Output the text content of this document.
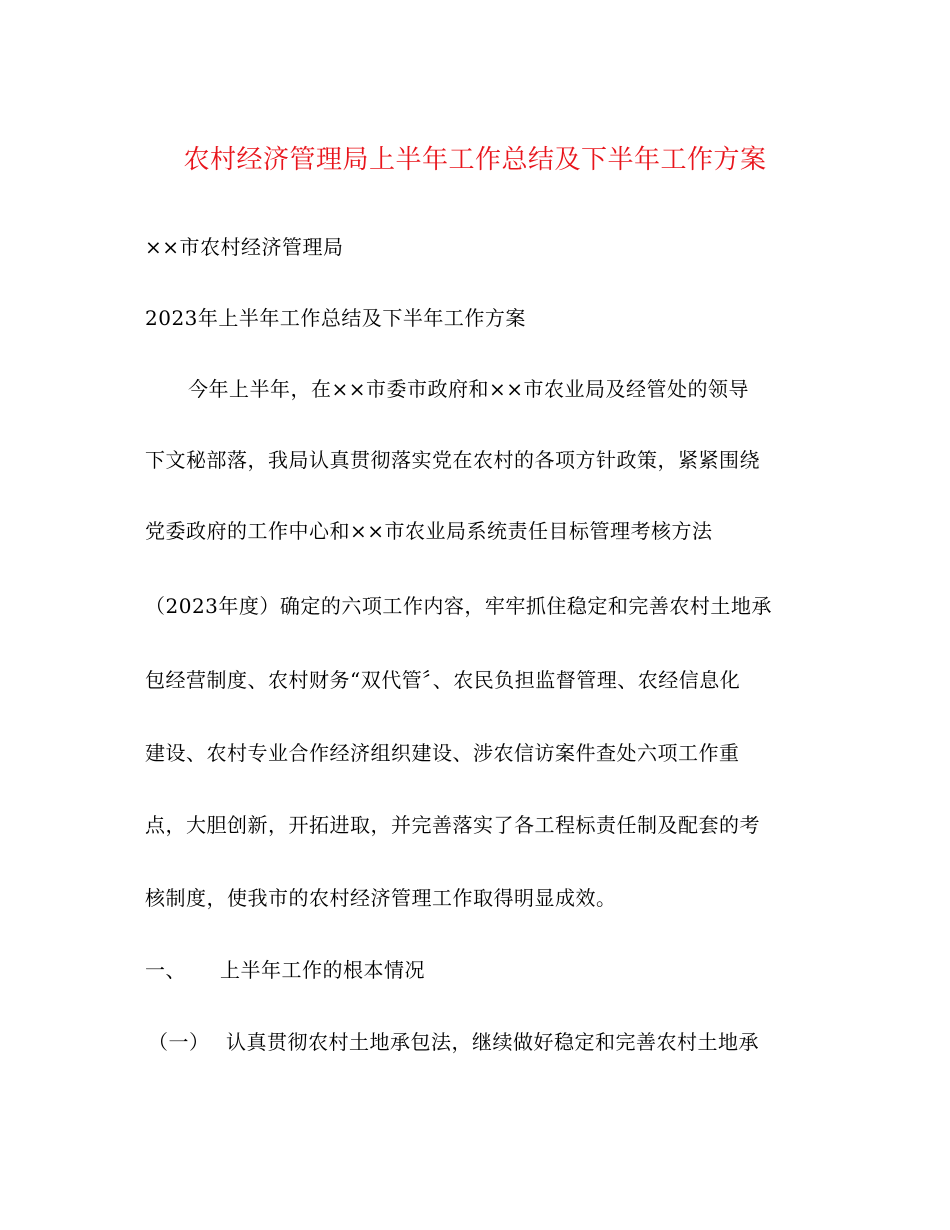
农村经济管理局上半年工作总结及下半年工作方案
××市农村经济管理局
2023年上半年工作总结及下半年工作方案
今年上半年，在××市委市政府和××市农业局及经管处的领导
下文秘部落，我局认真贯彻落实党在农村的各项方针政策，紧紧围绕
党委政府的工作中心和××市农业局系统责任目标管理考核方法
（2023年度）确定的六项工作内容，牢牢抓住稳定和完善农村土地承
包经营制度、农村财务“双代管〞、农民负担监督管理、农经信息化
建设、农村专业合作经济组织建设、涉农信访案件查处六项工作重
点，大胆创新，开拓进取，并完善落实了各工程标责任制及配套的考
核制度，使我市的农村经济管理工作取得明显成效。
一、 上半年工作的根本情况
（一） 认真贯彻农村土地承包法，继续做好稳定和完善农村土地承
